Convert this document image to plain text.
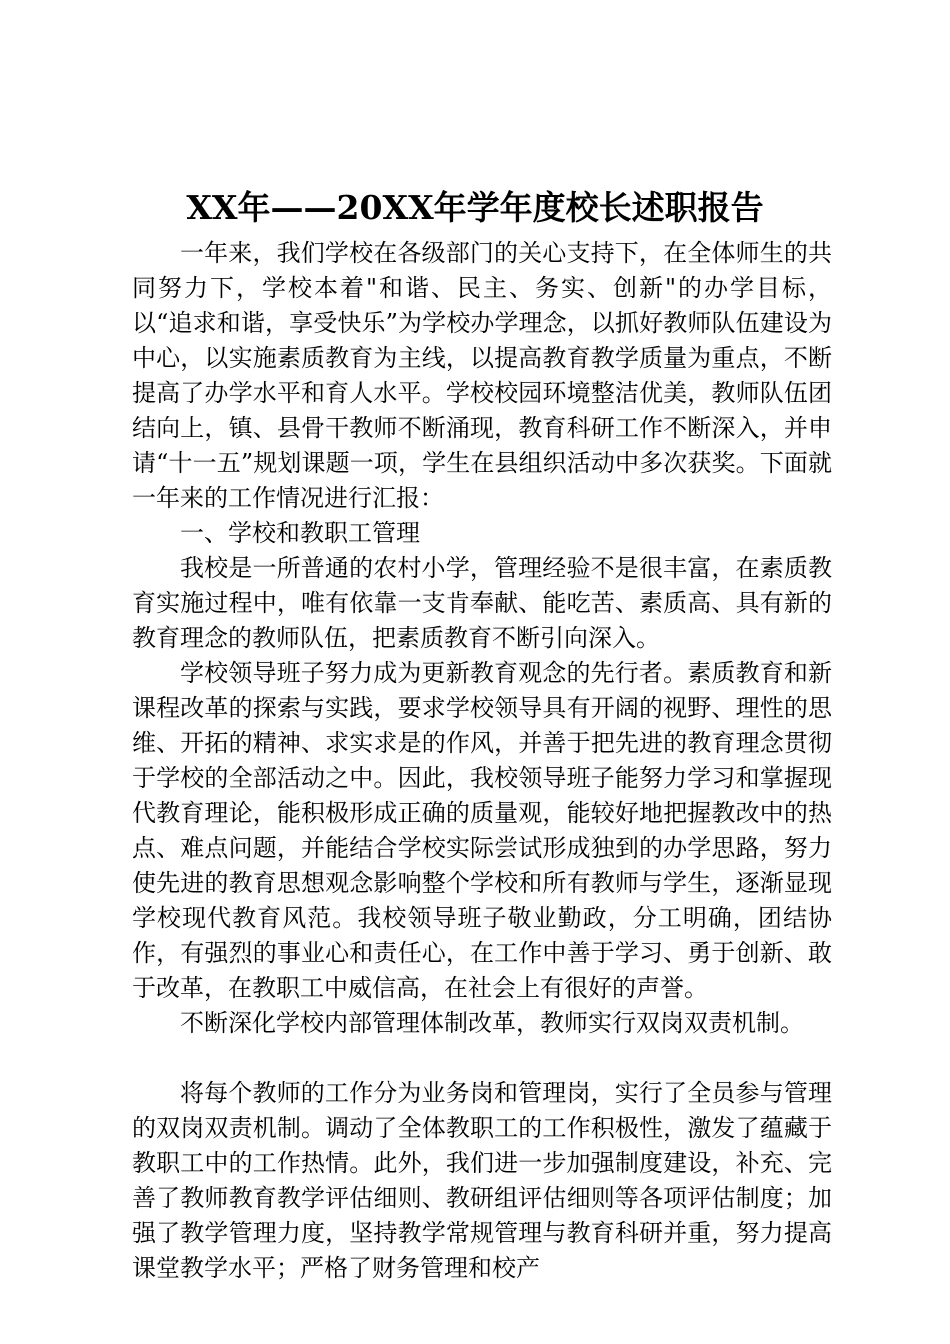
XX年——20XX年学年度校长述职报告

一年来，我们学校在各级部门的关心支持下，在全体师生的共同努力下，学校本着"和谐、民主、务实、创新"的办学目标，以“追求和谐，享受快乐”为学校办学理念，以抓好教师队伍建设为中心，以实施素质教育为主线，以提高教育教学质量为重点，不断提高了办学水平和育人水平。学校校园环境整洁优美，教师队伍团结向上，镇、县骨干教师不断涌现，教育科研工作不断深入，并申请“十一五”规划课题一项，学生在县组织活动中多次获奖。下面就一年来的工作情况进行汇报：

一、学校和教职工管理

我校是一所普通的农村小学，管理经验不是很丰富，在素质教育实施过程中，唯有依靠一支肯奉献、能吃苦、素质高、具有新的教育理念的教师队伍，把素质教育不断引向深入。

学校领导班子努力成为更新教育观念的先行者。素质教育和新课程改革的探索与实践，要求学校领导具有开阔的视野、理性的思维、开拓的精神、求实求是的作风，并善于把先进的教育理念贯彻于学校的全部活动之中。因此，我校领导班子能努力学习和掌握现代教育理论，能积极形成正确的质量观，能较好地把握教改中的热点、难点问题，并能结合学校实际尝试形成独到的办学思路，努力使先进的教育思想观念影响整个学校和所有教师与学生，逐渐显现学校现代教育风范。我校领导班子敬业勤政，分工明确，团结协作，有强烈的事业心和责任心，在工作中善于学习、勇于创新、敢于改革，在教职工中威信高，在社会上有很好的声誉。

不断深化学校内部管理体制改革，教师实行双岗双责机制。

将每个教师的工作分为业务岗和管理岗，实行了全员参与管理的双岗双责机制。调动了全体教职工的工作积极性，激发了蕴藏于教职工中的工作热情。此外，我们进一步加强制度建设，补充、完善了教师教育教学评估细则、教研组评估细则等各项评估制度；加强了教学管理力度，坚持教学常规管理与教育科研并重，努力提高课堂教学水平；严格了财务管理和校产
